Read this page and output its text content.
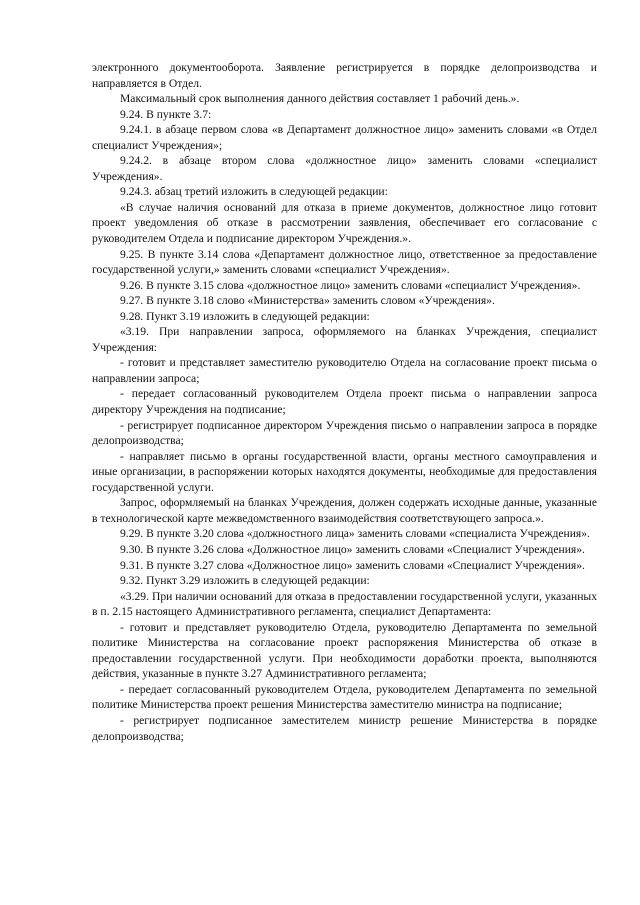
электронного документооборота. Заявление регистрируется в порядке делопроизводства и направляется в Отдел.

Максимальный срок выполнения данного действия составляет 1 рабочий день.».

9.24. В пункте 3.7:

9.24.1. в абзаце первом слова «в Департамент должностное лицо» заменить словами «в Отдел специалист Учреждения»;

9.24.2. в абзаце втором слова «должностное лицо» заменить словами «специалист Учреждения».

9.24.3. абзац третий изложить в следующей редакции:

«В случае наличия оснований для отказа в приеме документов, должностное лицо готовит проект уведомления об отказе в рассмотрении заявления, обеспечивает его согласование с руководителем Отдела и подписание директором Учреждения.».

9.25. В пункте 3.14 слова «Департамент должностное лицо, ответственное за предоставление государственной услуги,» заменить словами «специалист Учреждения».

9.26. В пункте 3.15 слова «должностное лицо» заменить словами «специалист Учреждения».

9.27. В пункте 3.18 слово «Министерства» заменить словом «Учреждения».

9.28. Пункт 3.19 изложить в следующей редакции:

«3.19. При направлении запроса, оформляемого на бланках Учреждения, специалист Учреждения:

- готовит и представляет заместителю руководителю Отдела на согласование проект письма о направлении запроса;

- передает согласованный руководителем Отдела проект письма о направлении запроса директору Учреждения на подписание;

- регистрирует подписанное директором Учреждения письмо о направлении запроса в порядке делопроизводства;

- направляет письмо в органы государственной власти, органы местного самоуправления и иные организации, в распоряжении которых находятся документы, необходимые для предоставления государственной услуги.

Запрос, оформляемый на бланках Учреждения, должен содержать исходные данные, указанные в технологической карте межведомственного взаимодействия соответствующего запроса.».

9.29. В пункте 3.20 слова «должностного лица» заменить словами «специалиста Учреждения».

9.30. В пункте 3.26 слова «Должностное лицо» заменить словами «Специалист Учреждения».

9.31. В пункте 3.27 слова «Должностное лицо» заменить словами «Специалист Учреждения».

9.32. Пункт 3.29 изложить в следующей редакции:

«3.29. При наличии оснований для отказа в предоставлении государственной услуги, указанных в п. 2.15 настоящего Административного регламента, специалист Департамента:

- готовит и представляет руководителю Отдела, руководителю Департамента по земельной политике Министерства на согласование проект распоряжения Министерства об отказе в предоставлении государственной услуги. При необходимости доработки проекта, выполняются действия, указанные в пункте 3.27 Административного регламента;

- передает согласованный руководителем Отдела, руководителем Департамента по земельной политике Министерства проект решения Министерства заместителю министра на подписание;

- регистрирует подписанное заместителем министр решение Министерства в порядке делопроизводства;
